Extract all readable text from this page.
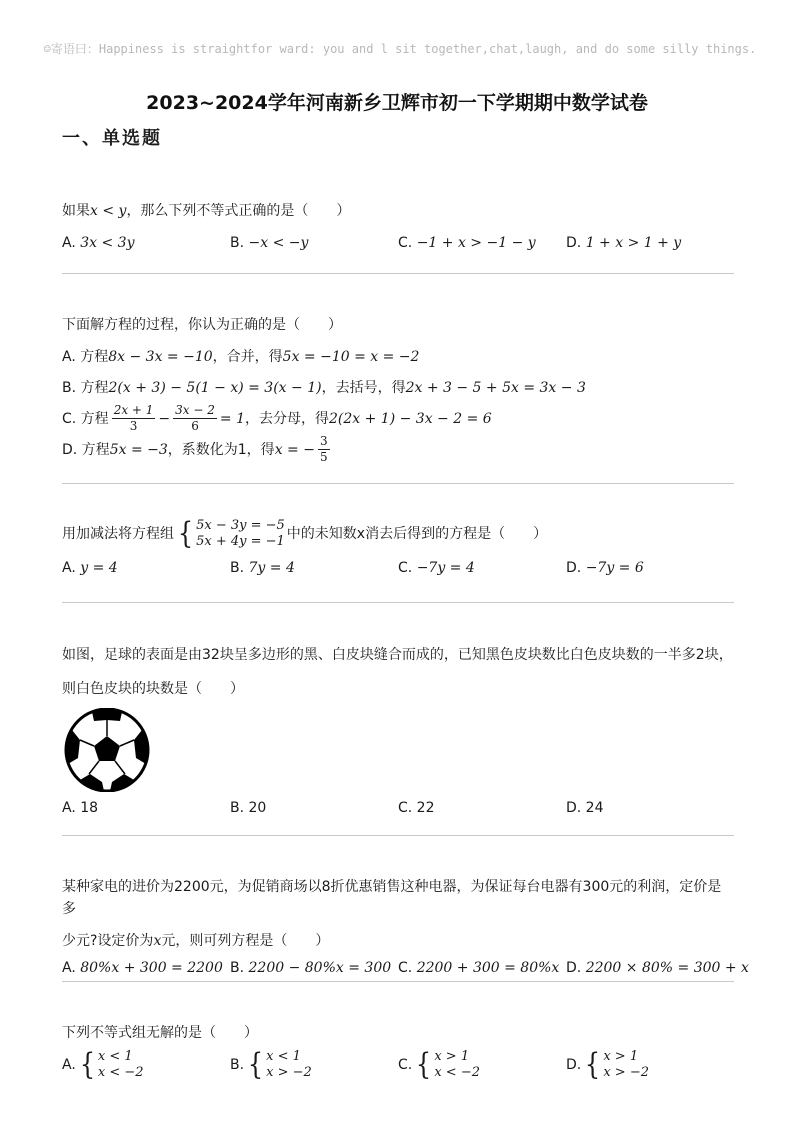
☺寄语曰：Happiness is straightfor ward: you and l sit together,chat,laugh, and do some silly things.
2023~2024学年河南新乡卫辉市初一下学期期中数学试卷
一、单选题
如果x < y，那么下列不等式正确的是（　　）
A. 3x < 3y	B. −x < −y	C. −1 + x > −1 − y D. 1 + x > 1 + y
下面解方程的过程，你认为正确的是（　　）
A. 方程 8x − 3x = −10 ，合并，得 5x = −10 = x = −2
B. 方程 2(x + 3) − 5(1 − x) = 3(x − 1) ，去括号，得 2x + 3 − 5 + 5x = 3x − 3
C. 方程 $\frac{2x + 1}{3} - \frac{3x - 2}{6} = 1$ ，去分母，得 2(2x + 1) − 3x − 2 = 6
D. 方程 5x = −3 ，系数化为1，得 x = − $\frac{3}{5}$
用加减法将方程组 { 5x − 3y = −5
5x + 4y = −1 中的未知数x消去后得到的方程是（　　）
A. y = 4	B. 7y = 4	C. −7y = 4	D. −7y = 6
如图，足球的表面是由32块呈多边形的黑、白皮块缝合而成的，已知黑色皮块数比白色皮块数的一半多2块，
则白色皮块的块数是（　　）
A. 18	B. 20	C. 22	D. 24
某种家电的进价为2200元，为促销商场以8折优惠销售这种电器，为保证每台电器有300元的利润，定价是多
少元?设定价为x元，则可列方程是（　　）
A. 80%x + 300 = 2200 B. 2200 − 80%x = 300 C. 2200 + 300 = 80%x D. 2200 × 80% = 300 + x
下列不等式组无解的是（　　）
A. { x < 1
x < −2	B. { x < 1
x > −2	C. { x > 1
x < −2	D. { x > 1
x > −2
